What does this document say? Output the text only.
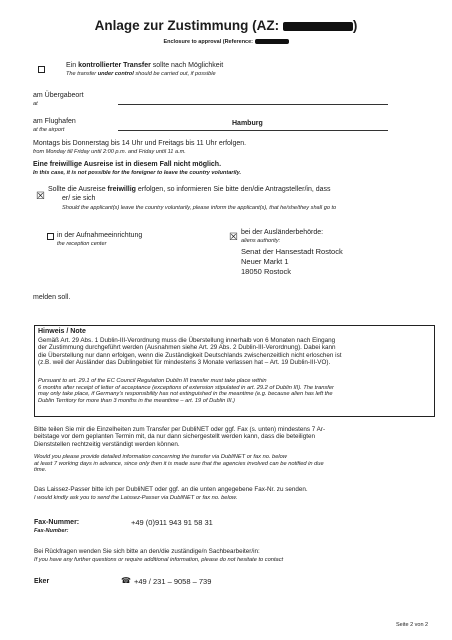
Anlage zur Zustimmung (AZ:	)
Enclosure to approval (Reference:
Ein kontrollierter Transfer sollte nach Möglichkeit
The transfer under control should be carried out, if possible
am Übergabeort
at
am Flughafen
at the airport
Hamburg
Montags bis Donnerstag bis 14 Uhr und Freitags bis 11 Uhr erfolgen.
from Monday till Friday until 2:00 p.m. and Friday until 11 a.m.
Eine freiwillige Ausreise ist in diesem Fall nicht möglich.
In this case, it is not possible for the foreigner to leave the country voluntarily.
☒
Sollte die Ausreise freiwillig erfolgen, so informieren Sie bitte den/die Antragsteller/in, dass
er/ sie sich
Should the applicant(s) leave the country voluntarily, please inform the applicant(s), that he/she/they shall go to
in der Aufnahmeeinrichtung
the reception center
☒ bei der Ausländerbehörde:
aliens authority:
Senat der Hansestadt Rostock
Neuer Markt 1
18050 Rostock
melden soll.
Hinweis / Note
Gemäß Art. 29 Abs. 1 Dublin-III-Verordnung muss die Überstellung innerhalb von 6 Monaten nach Eingang
der Zustimmung durchgeführt werden (Ausnahmen siehe Art. 29 Abs. 2 Dublin-III-Verordnung). Dabei kann
die Überstellung nur dann erfolgen, wenn die Zuständigkeit Deutschlands zwischenzeitlich nicht erloschen ist
(z.B. weil der Ausländer das Dublingebiet für mindestens 3 Monate verlassen hat – Art. 19 Dublin-III-VO).
Pursuant to art. 29.1 of the EC Council Regulation Dublin III transfer must take place within
6 months after receipt of letter of acceptance (exceptions of extension stipulated in art. 29.2 of Dublin III). The transfer
may only take place, if Germany’s responsibility has not extinguished in the meantime (e.g. because alien has left the
Dublin Territory for more than 3 months in the meantime – art. 19 of Dublin III.)
Bitte teilen Sie mir die Einzelheiten zum Transfer per DubliNET oder ggf. Fax (s. unten) mindestens 7 Ar-
beitstage vor dem geplanten Termin mit, da nur dann sichergestellt werden kann, dass die beteiligten
Dienststellen rechtzeitig verständigt werden können.
Would you please provide detailed information concerning the transfer via DubliNET or fax no. below
at least 7 working days in advance, since only then it is made sure that the agencies involved can be notified in due
time.
Das Laissez-Passer bitte ich per DubliNET oder ggf. an die unten angegebene Fax-Nr. zu senden.
I would kindly ask you to send the Laissez-Passer via DubliNET or fax no. below.
Fax-Nummer:
Fax-Number:
+49 (0)911 943 91 58 31
Bei Rückfragen wenden Sie sich bitte an den/die zuständige/n Sachbearbeiter/in:
If you have any further questions or require additional information, please do not hesitate to contact
Eker	☎ +49 / 231 – 9058 – 739
Seite 2 von 2
